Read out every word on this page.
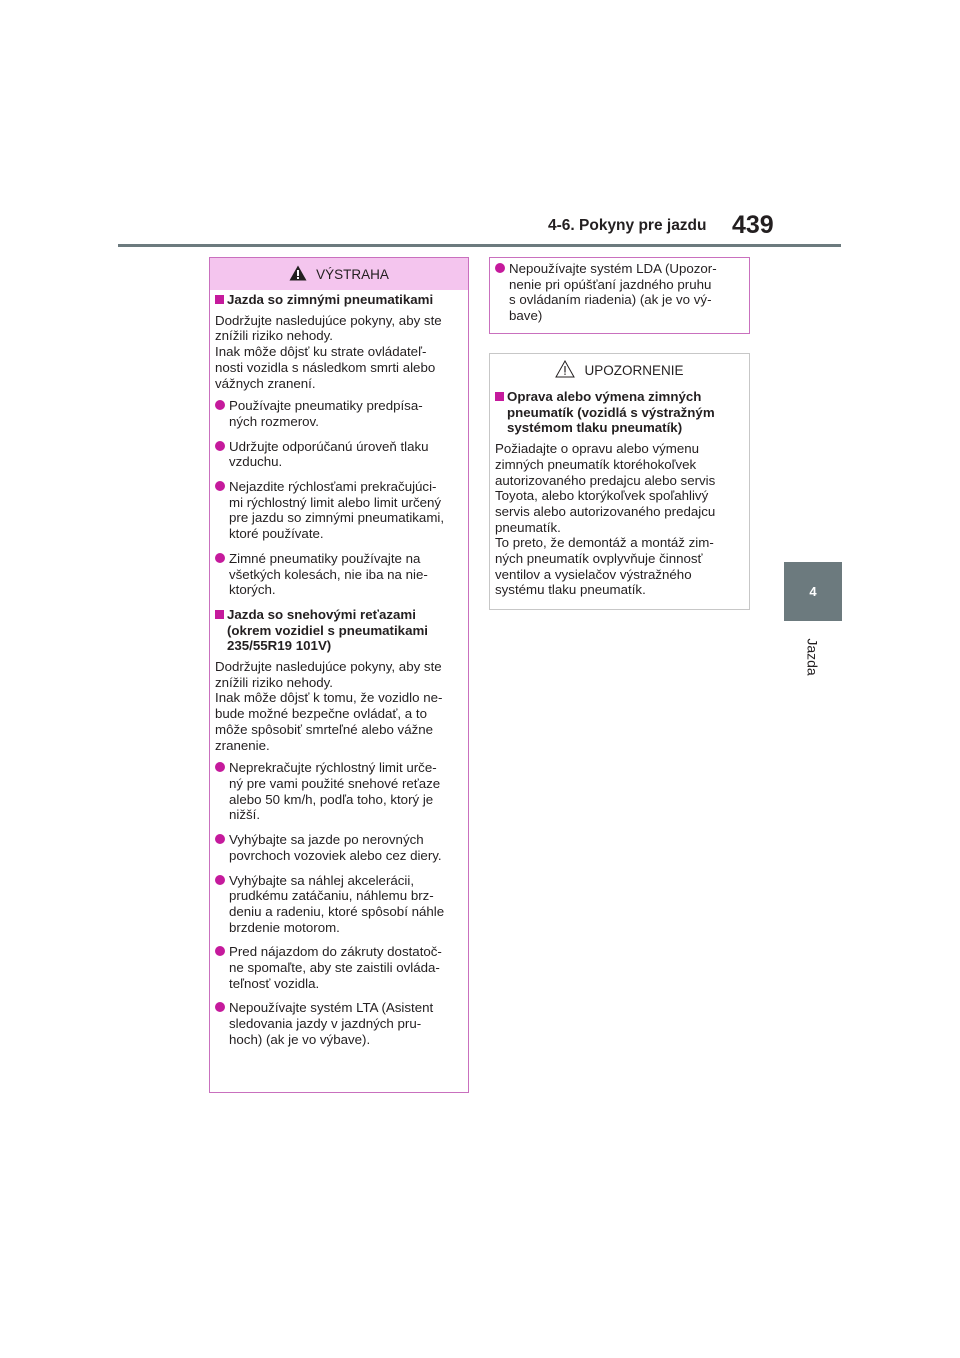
4-6. Pokyny pre jazdu 439
4
Jazda
VÝSTRAHA
Jazda so zimnými pneumatikami
Dodržujte nasledujúce pokyny, aby ste
znížili riziko nehody.
Inak môže dôjsť ku strate ovládateľ-
nosti vozidla s následkom smrti alebo
vážnych zranení.
Používajte pneumatiky predpísa-
ných rozmerov.
Udržujte odporúčanú úroveň tlaku
vzduchu.
Nejazdite rýchlosťami prekračujúci-
mi rýchlostný limit alebo limit určený
pre jazdu so zimnými pneumatikami,
ktoré používate.
Zimné pneumatiky používajte na
všetkých kolesách, nie iba na nie-
ktorých.
Jazda so snehovými reťazami
(okrem vozidiel s pneumatikami
235/55R19 101V)
Dodržujte nasledujúce pokyny, aby ste
znížili riziko nehody.
Inak môže dôjsť k tomu, že vozidlo ne-
bude možné bezpečne ovládať, a to
môže spôsobiť smrteľné alebo vážne
zranenie.
Neprekračujte rýchlostný limit urče-
ný pre vami použité snehové reťaze
alebo 50 km/h, podľa toho, ktorý je
nižší.
Vyhýbajte sa jazde po nerovných
povrchoch vozoviek alebo cez diery.
Vyhýbajte sa náhlej akcelerácii,
prudkému zatáčaniu, náhlemu brz-
deniu a radeniu, ktoré spôsobí náhle
brzdenie motorom.
Pred nájazdom do zákruty dostatoč-
ne spomaľte, aby ste zaistili ovláda-
teľnosť vozidla.
Nepoužívajte systém LTA (Asistent
sledovania jazdy v jazdných pru-
hoch) (ak je vo výbave).
Nepoužívajte systém LDA (Upozor-
nenie pri opúšťaní jazdného pruhu
s ovládaním riadenia) (ak je vo vý-
bave)
UPOZORNENIE
Oprava alebo výmena zimných
pneumatík (vozidlá s výstražným
systémom tlaku pneumatík)
Požiadajte o opravu alebo výmenu
zimných pneumatík ktoréhokoľvek
autorizovaného predajcu alebo servis
Toyota, alebo ktorýkoľvek spoľahlivý
servis alebo autorizovaného predajcu
pneumatík.
To preto, že demontáž a montáž zim-
ných pneumatík ovplyvňuje činnosť
ventilov a vysielačov výstražného
systému tlaku pneumatík.
